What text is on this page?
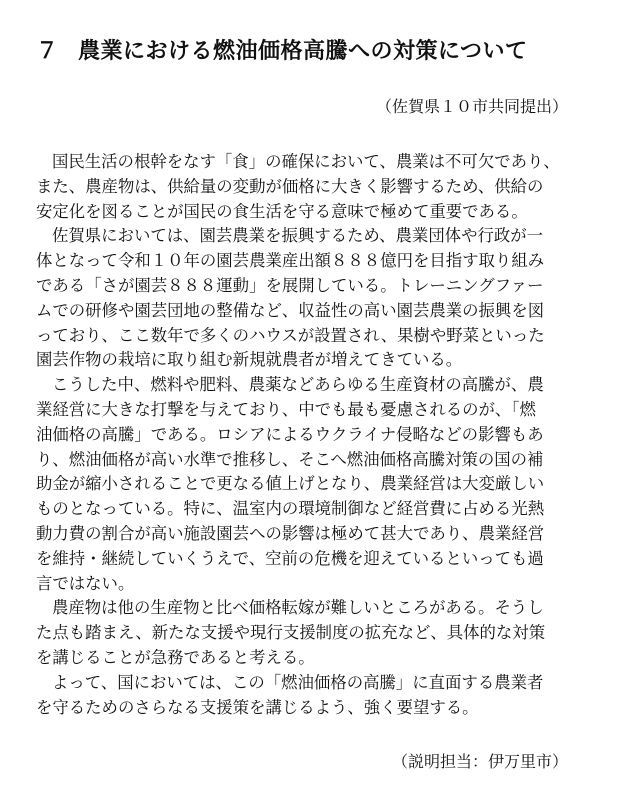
７ 農業における燃油価格高騰への対策について
（佐賀県１０市共同提出）

国民生活の根幹をなす「食」の確保において、農業は不可欠であり、
また、農産物は、供給量の変動が価格に大きく影響するため、供給の
安定化を図ることが国民の食生活を守る意味で極めて重要である。

佐賀県においては、園芸農業を振興するため、農業団体や行政が一
体となって令和１０年の園芸農業産出額８８８億円を目指す取り組み
である「さが園芸８８８運動」を展開している。トレーニングファー
ムでの研修や園芸団地の整備など、収益性の高い園芸農業の振興を図
っており、ここ数年で多くのハウスが設置され、果樹や野菜といった
園芸作物の栽培に取り組む新規就農者が増えてきている。

こうした中、燃料や肥料、農薬などあらゆる生産資材の高騰が、農
業経営に大きな打撃を与えており、中でも最も憂慮されるのが、「燃
油価格の高騰」である。ロシアによるウクライナ侵略などの影響もあ
り、燃油価格が高い水準で推移し、そこへ燃油価格高騰対策の国の補
助金が縮小されることで更なる値上げとなり、農業経営は大変厳しい
ものとなっている。特に、温室内の環境制御など経営費に占める光熱
動力費の割合が高い施設園芸への影響は極めて甚大であり、農業経営
を維持・継続していくうえで、空前の危機を迎えているといっても過
言ではない。

農産物は他の生産物と比べ価格転嫁が難しいところがある。そうし
た点も踏まえ、新たな支援や現行支援制度の拡充など、具体的な対策
を講じることが急務であると考える。

よって、国においては、この「燃油価格の高騰」に直面する農業者
を守るためのさらなる支援策を講じるよう、強く要望する。

（説明担当：伊万里市）
